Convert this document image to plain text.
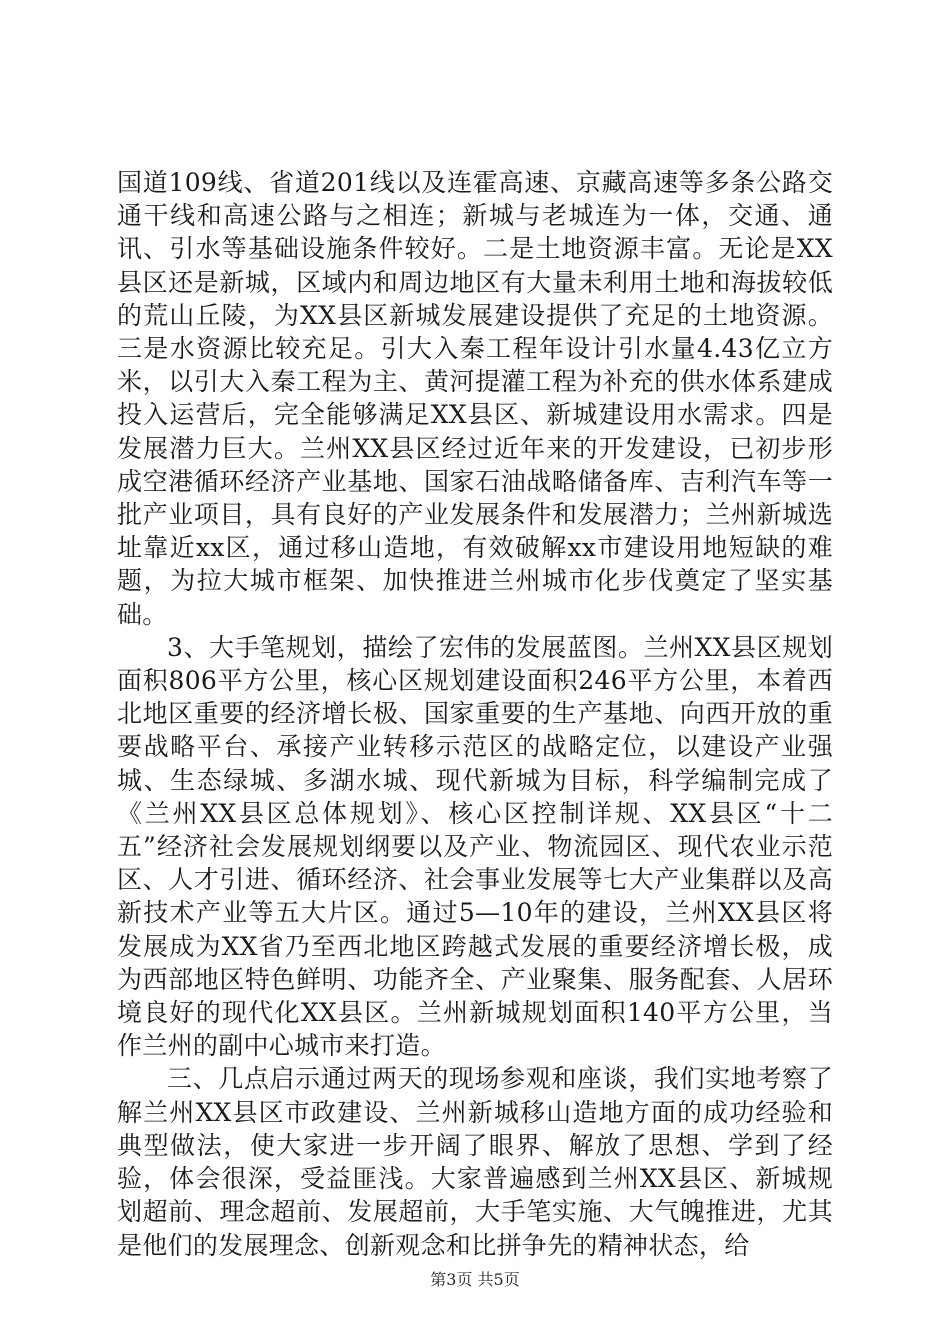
国道109线、省道201线以及连霍高速、京藏高速等多条公路交通干线和高速公路与之相连；新城与老城连为一体，交通、通讯、引水等基础设施条件较好。二是土地资源丰富。无论是XX县区还是新城，区域内和周边地区有大量未利用土地和海拔较低的荒山丘陵，为XX县区新城发展建设提供了充足的土地资源。三是水资源比较充足。引大入秦工程年设计引水量4.43亿立方米，以引大入秦工程为主、黄河提灌工程为补充的供水体系建成投入运营后，完全能够满足XX县区、新城建设用水需求。四是发展潜力巨大。兰州XX县区经过近年来的开发建设，已初步形成空港循环经济产业基地、国家石油战略储备库、吉利汽车等一批产业项目，具有良好的产业发展条件和发展潜力；兰州新城选址靠近xx区，通过移山造地，有效破解xx市建设用地短缺的难题，为拉大城市框架、加快推进兰州城市化步伐奠定了坚实基础。

3、大手笔规划，描绘了宏伟的发展蓝图。兰州XX县区规划面积806平方公里，核心区规划建设面积246平方公里，本着西北地区重要的经济增长极、国家重要的生产基地、向西开放的重要战略平台、承接产业转移示范区的战略定位，以建设产业强城、生态绿城、多湖水城、现代新城为目标，科学编制完成了《兰州XX县区总体规划》、核心区控制详规、XX县区“十二五”经济社会发展规划纲要以及产业、物流园区、现代农业示范区、人才引进、循环经济、社会事业发展等七大产业集群以及高新技术产业等五大片区。通过5—10年的建设，兰州XX县区将发展成为XX省乃至西北地区跨越式发展的重要经济增长极，成为西部地区特色鲜明、功能齐全、产业聚集、服务配套、人居环境良好的现代化XX县区。兰州新城规划面积140平方公里，当作兰州的副中心城市来打造。

三、几点启示通过两天的现场参观和座谈，我们实地考察了解兰州XX县区市政建设、兰州新城移山造地方面的成功经验和典型做法，使大家进一步开阔了眼界、解放了思想、学到了经验，体会很深，受益匪浅。大家普遍感到兰州XX县区、新城规划超前、理念超前、发展超前，大手笔实施、大气魄推进，尤其是他们的发展理念、创新观念和比拼争先的精神状态，给

第3页 共5页
